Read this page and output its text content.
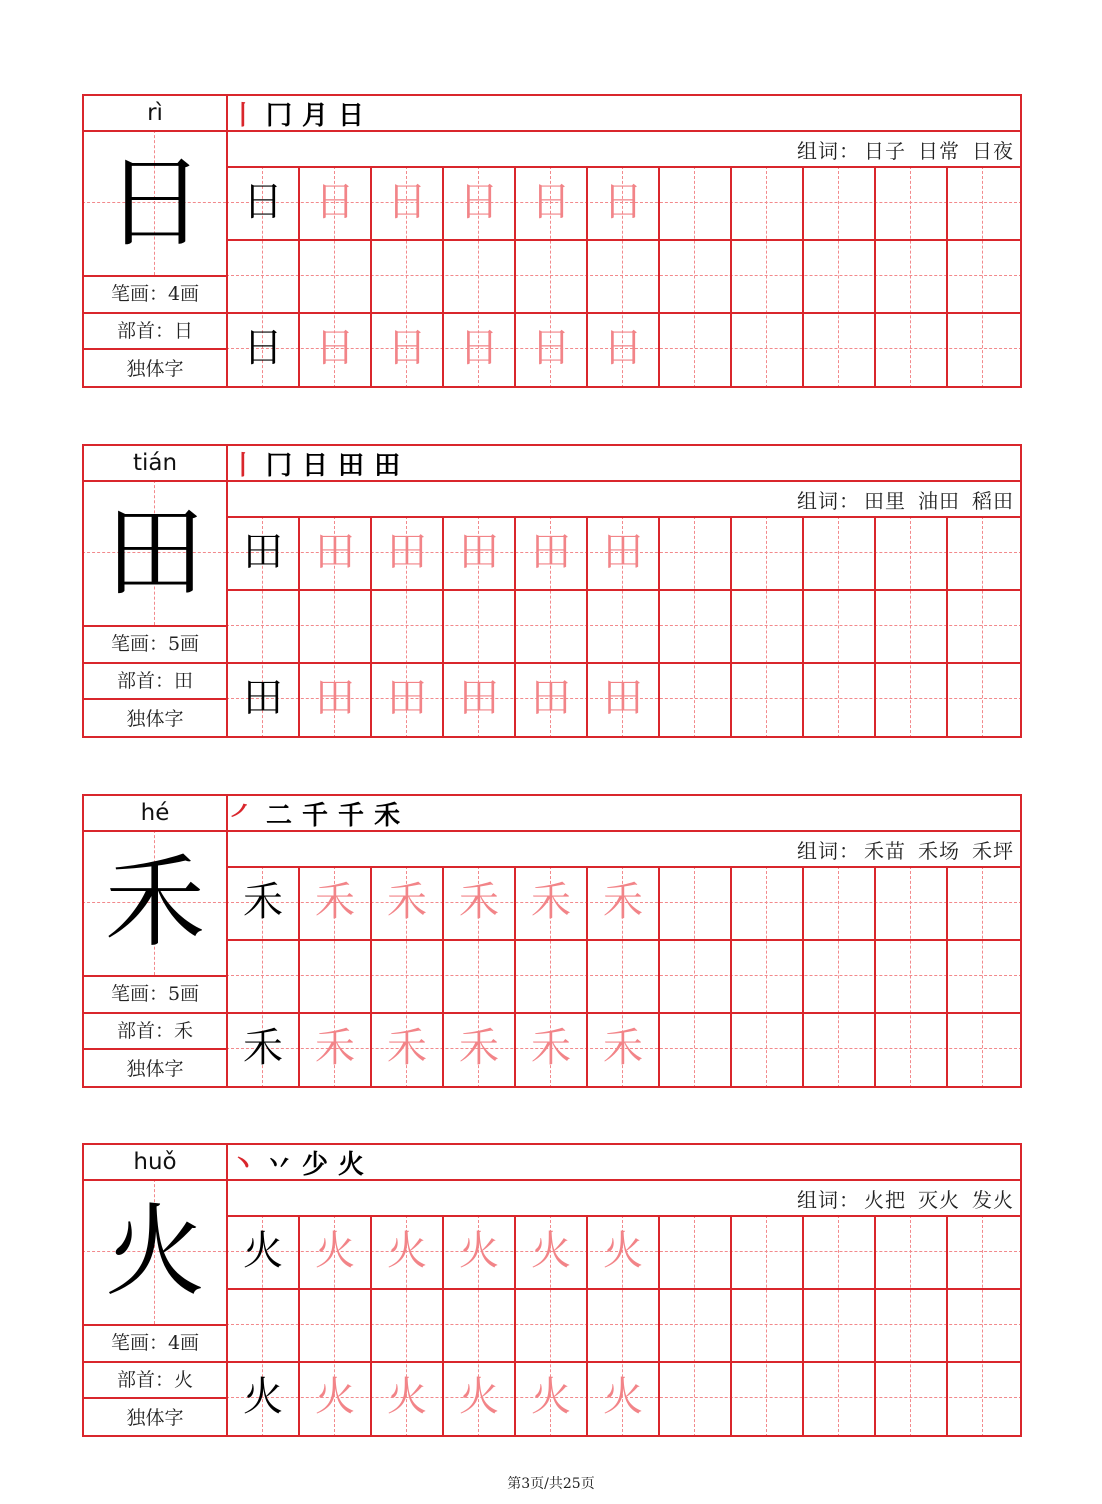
rì
日
笔画：4画
部首：日
独体字
丨 冂 月 日
组词： 日子 日常 日夜
日 日 日 日 日 日
日 日 日 日 日 日
tián
田
笔画：5画
部首：田
独体字
丨 冂 日 田 田
组词： 田里 油田 稻田
田 田 田 田 田 田
田 田 田 田 田 田
hé
禾
笔画：5画
部首：禾
独体字
㇒ 二 千 千 禾
组词： 禾苗 禾场 禾坪
禾 禾 禾 禾 禾 禾
禾 禾 禾 禾 禾 禾
huǒ
火
笔画：4画
部首：火
独体字
丶 丷 少 火
组词： 火把 灭火 发火
火 火 火 火 火 火
火 火 火 火 火 火
第3页/共25页
